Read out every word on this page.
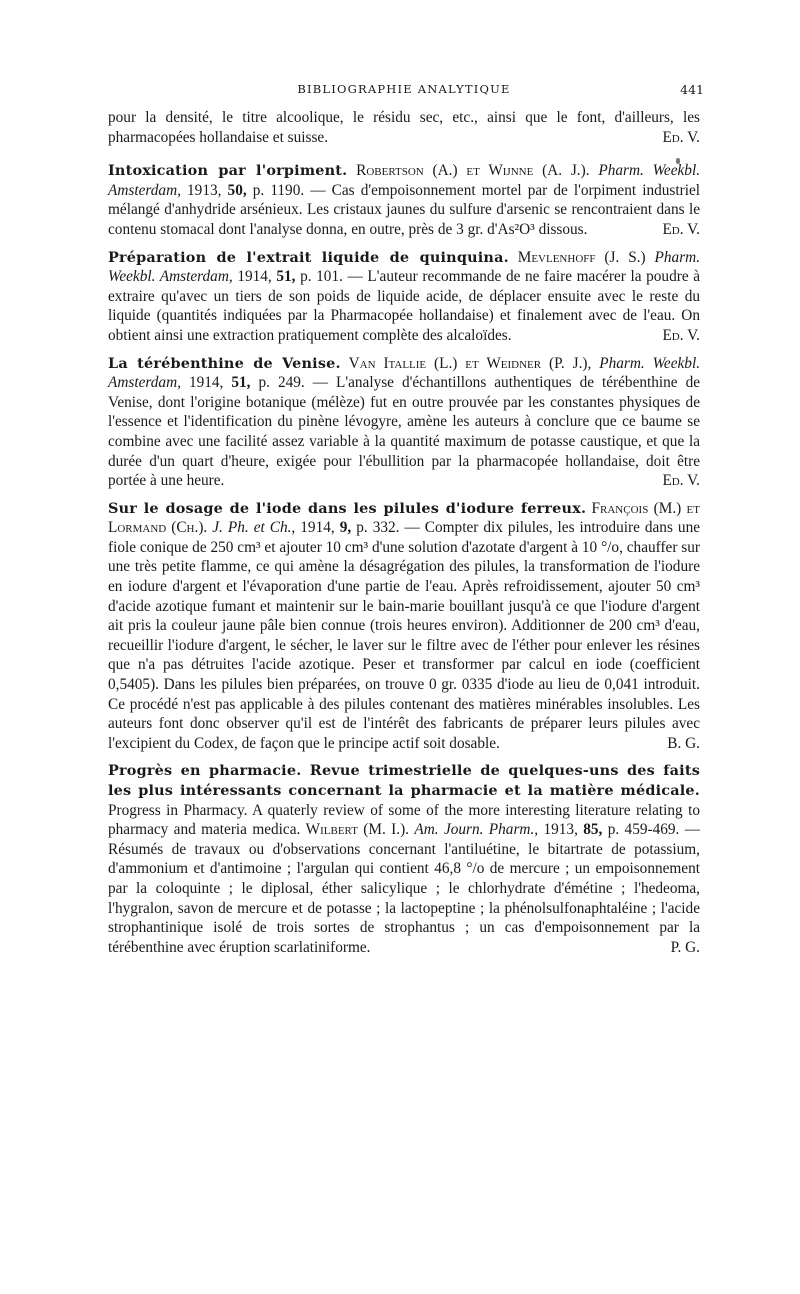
BIBLIOGRAPHIE ANALYTIQUE	441

pour la densité, le titre alcoolique, le résidu sec, etc., ainsi que le font, d'ailleurs, les pharmacopées hollandaise et suisse.	Ed. V.

Intoxication par l'orpiment. Robertson (A.) et Wijnne (A. J.). Pharm. Weekbl. Amsterdam, 1913, 50, p. 1190. — Cas d'empoisonnement mortel par de l'orpiment industriel mélangé d'anhydride arsénieux. Les cristaux jaunes du sulfure d'arsenic se rencontraient dans le contenu stomacal dont l'analyse donna, en outre, près de 3 gr. d'As²O³ dissous.	Ed. V.

Préparation de l'extrait liquide de quinquina. Mevlenhoff (J. S.) Pharm. Weekbl. Amsterdam, 1914, 51, p. 101. — L'auteur recommande de ne faire macérer la poudre à extraire qu'avec un tiers de son poids de liquide acide, de déplacer ensuite avec le reste du liquide (quantités indiquées par la Pharmacopée hollandaise) et finalement avec de l'eau. On obtient ainsi une extraction pratiquement complète des alcaloïdes.	Ed. V.

La térébenthine de Venise. Van Itallie (L.) et Weidner (P. J.), Pharm. Weekbl. Amsterdam, 1914, 51, p. 249. — L'analyse d'échantillons authentiques de térébenthine de Venise, dont l'origine botanique (mélèze) fut en outre prouvée par les constantes physiques de l'essence et l'identification du pinène lévogyre, amène les auteurs à conclure que ce baume se combine avec une facilité assez variable à la quantité maximum de potasse caustique, et que la durée d'un quart d'heure, exigée pour l'ébullition par la pharmacopée hollandaise, doit être portée à une heure.	Ed. V.

Sur le dosage de l'iode dans les pilules d'iodure ferreux. François (M.) et Lormand (Ch.). J. Ph. et Ch., 1914, 9, p. 332. — Compter dix pilules, les introduire dans une fiole conique de 250 cm³ et ajouter 10 cm³ d'une solution d'azotate d'argent à 10 °/o, chauffer sur une très petite flamme, ce qui amène la désagrégation des pilules, la transformation de l'iodure en iodure d'argent et l'évaporation d'une partie de l'eau. Après refroidissement, ajouter 50 cm³ d'acide azotique fumant et maintenir sur le bain-marie bouillant jusqu'à ce que l'iodure d'argent ait pris la couleur jaune pâle bien connue (trois heures environ). Additionner de 200 cm³ d'eau, recueillir l'iodure d'argent, le sécher, le laver sur le filtre avec de l'éther pour enlever les résines que n'a pas détruites l'acide azotique. Peser et transformer par calcul en iode (coefficient 0,5405). Dans les pilules bien préparées, on trouve 0 gr. 0335 d'iode au lieu de 0,041 introduit. Ce procédé n'est pas applicable à des pilules contenant des matières minérables insolubles. Les auteurs font donc observer qu'il est de l'intérêt des fabricants de préparer leurs pilules avec l'excipient du Codex, de façon que le principe actif soit dosable.	B. G.

Progrès en pharmacie. Revue trimestrielle de quelques-uns des faits les plus intéressants concernant la pharmacie et la matière médicale. Progress in Pharmacy. A quaterly review of some of the more interesting literature relating to pharmacy and materia medica. Wilbert (M. I.). Am. Journ. Pharm., 1913, 85, p. 459-469. — Résumés de travaux ou d'observations concernant l'antiluétine, le bitartrate de potassium, d'ammonium et d'antimoine ; l'argulan qui contient 46,8 °/o de mercure ; un empoisonnement par la coloquinte ; le diplosal, éther salicylique ; le chlorhydrate d'émétine ; l'hedeoma, l'hygralon, savon de mercure et de potasse ; la lactopeptine ; la phénolsulfonaphtaléine ; l'acide strophantinique isolé de trois sortes de strophantus ; un cas d'empoisonnement par la térébenthine avec éruption scarlatiniforme.	P. G.
